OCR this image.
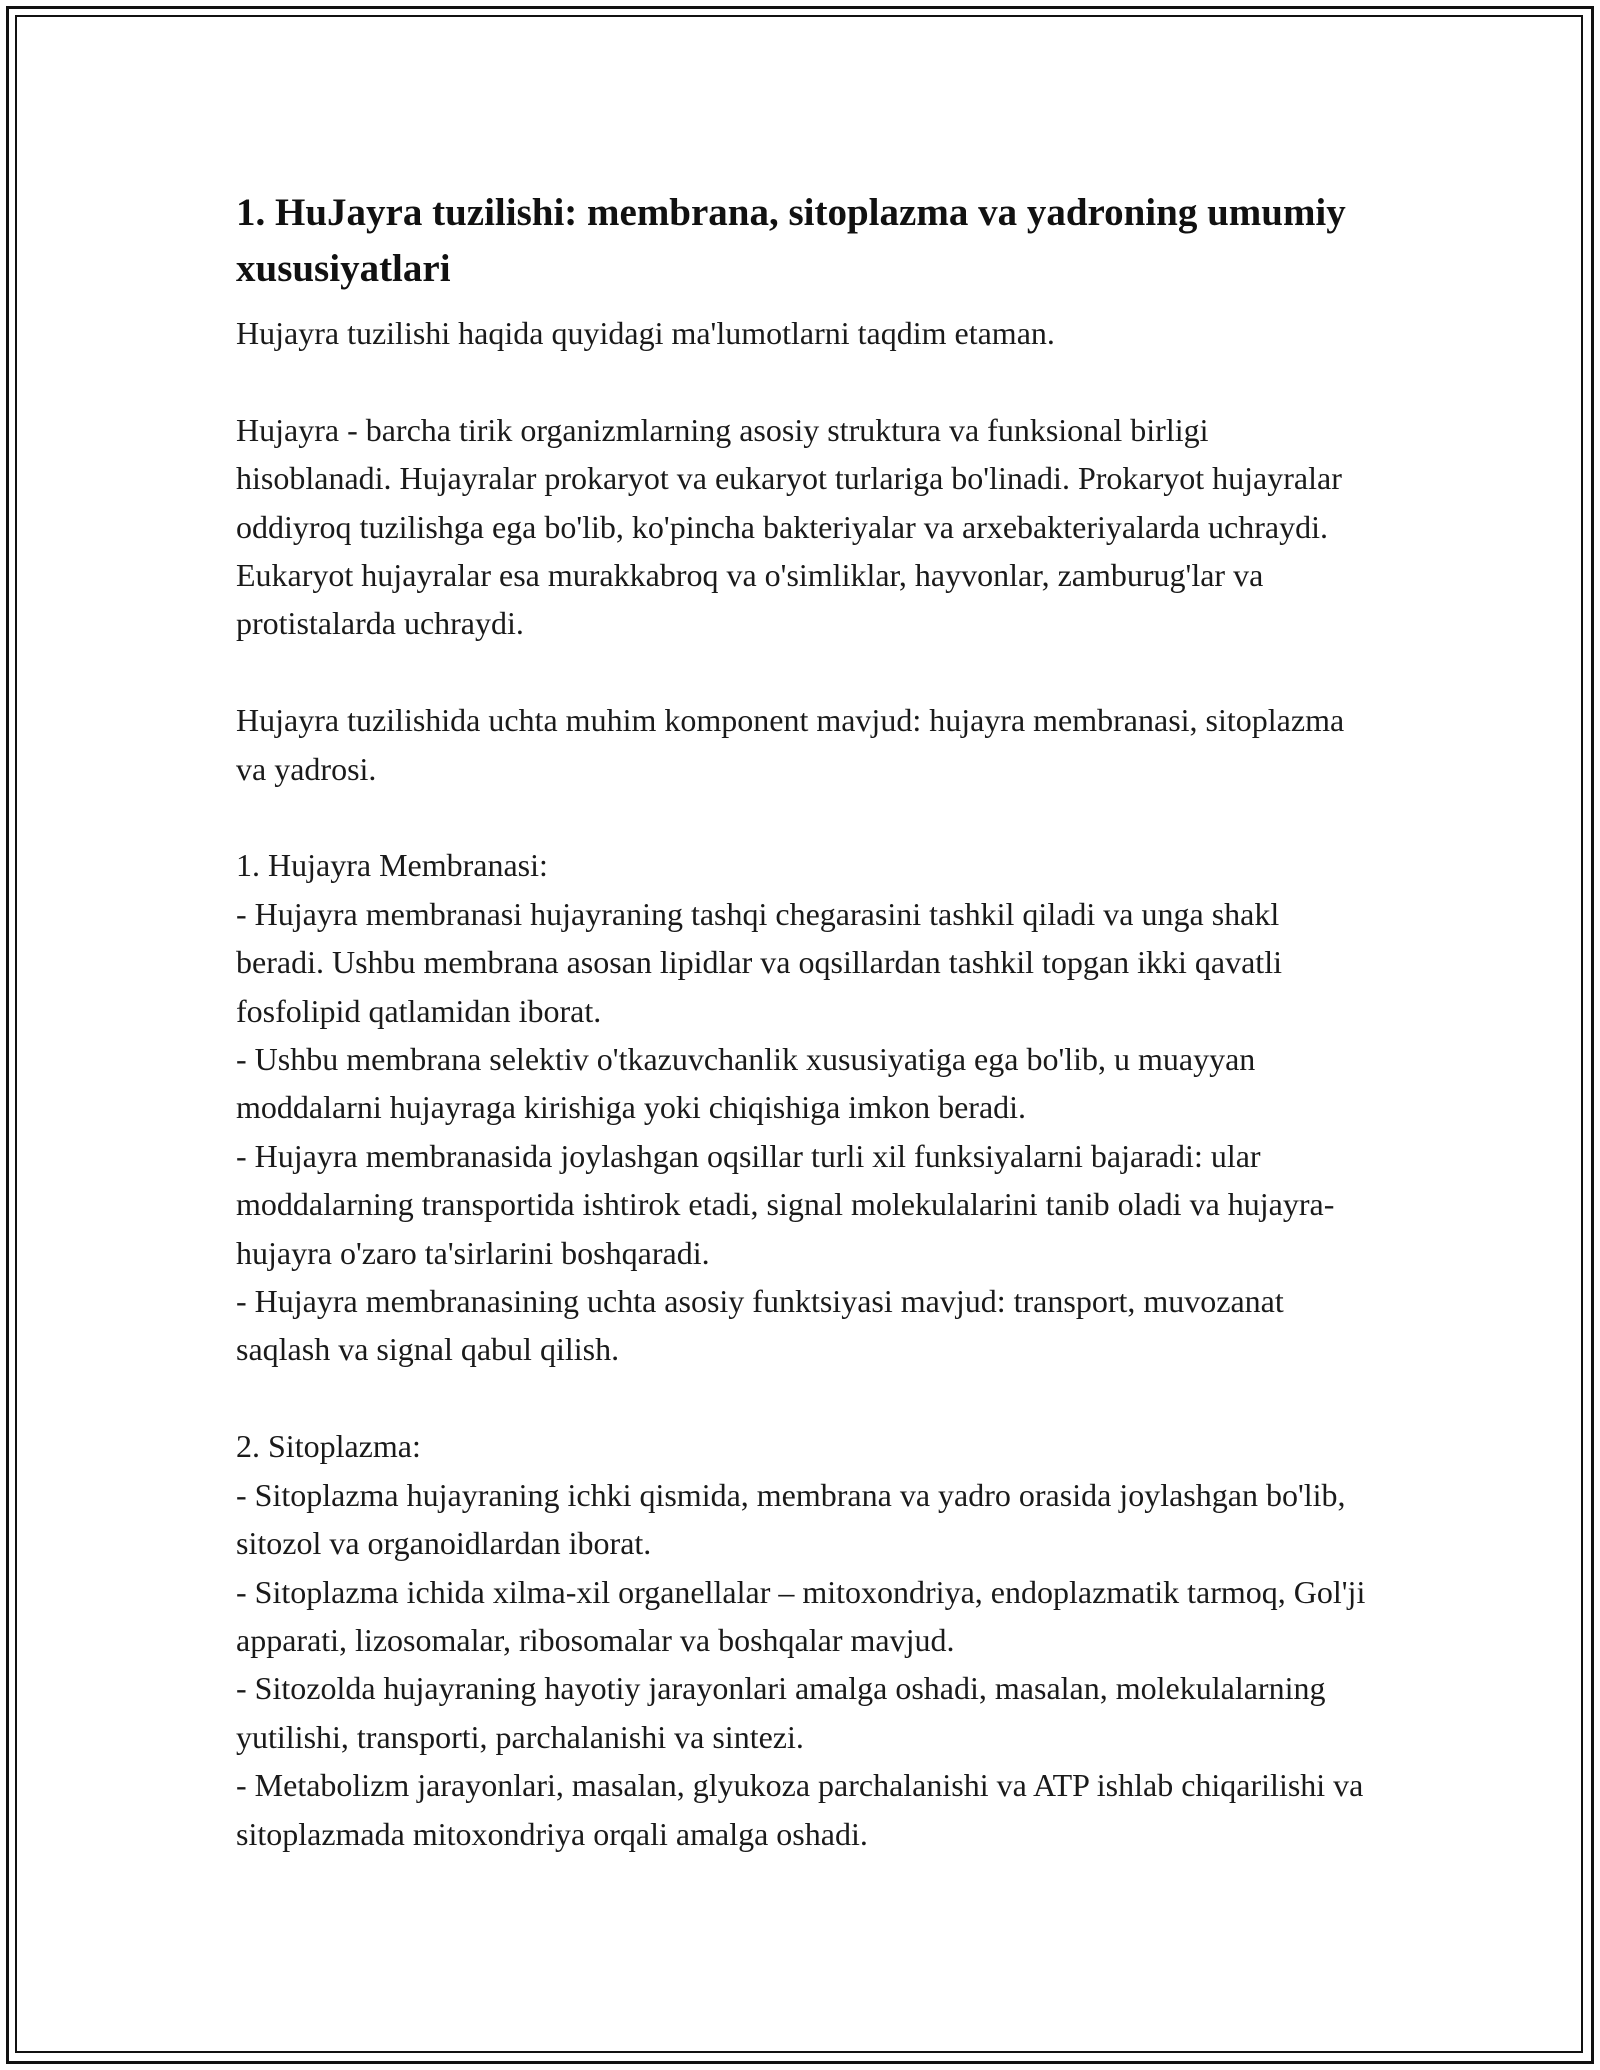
1. HuJayra tuzilishi: membrana, sitoplazma va yadroning umumiy xususiyatlari

Hujayra tuzilishi haqida quyidagi ma'lumotlarni taqdim etaman.

Hujayra - barcha tirik organizmlarning asosiy struktura va funksional birligi hisoblanadi. Hujayralar prokaryot va eukaryot turlariga bo'linadi. Prokaryot hujayralar oddiyroq tuzilishga ega bo'lib, ko'pincha bakteriyalar va arxebakteriyalarda uchraydi. Eukaryot hujayralar esa murakkabroq va o'simliklar, hayvonlar, zamburug'lar va protistalarda uchraydi.

Hujayra tuzilishida uchta muhim komponent mavjud: hujayra membranasi, sitoplazma va yadrosi.

1. Hujayra Membranasi:
- Hujayra membranasi hujayraning tashqi chegarasini tashkil qiladi va unga shakl beradi. Ushbu membrana asosan lipidlar va oqsillardan tashkil topgan ikki qavatli fosfolipid qatlamidan iborat.
- Ushbu membrana selektiv o'tkazuvchanlik xususiyatiga ega bo'lib, u muayyan moddalarni hujayraga kirishiga yoki chiqishiga imkon beradi.
- Hujayra membranasida joylashgan oqsillar turli xil funksiyalarni bajaradi: ular moddalarning transportida ishtirok etadi, signal molekulalarini tanib oladi va hujayra-hujayra o'zaro ta'sirlarini boshqaradi.
- Hujayra membranasining uchta asosiy funktsiyasi mavjud: transport, muvozanat saqlash va signal qabul qilish.

2. Sitoplazma:
- Sitoplazma hujayraning ichki qismida, membrana va yadro orasida joylashgan bo'lib, sitozol va organoidlardan iborat.
- Sitoplazma ichida xilma-xil organellalar – mitoxondriya, endoplazmatik tarmoq, Gol'ji apparati, lizosomalar, ribosomalar va boshqalar mavjud.
- Sitozolda hujayraning hayotiy jarayonlari amalga oshadi, masalan, molekulalarning yutilishi, transporti, parchalanishi va sintezi.
- Metabolizm jarayonlari, masalan, glyukoza parchalanishi va ATP ishlab chiqarilishi va sitoplazmada mitoxondriya orqali amalga oshadi.
